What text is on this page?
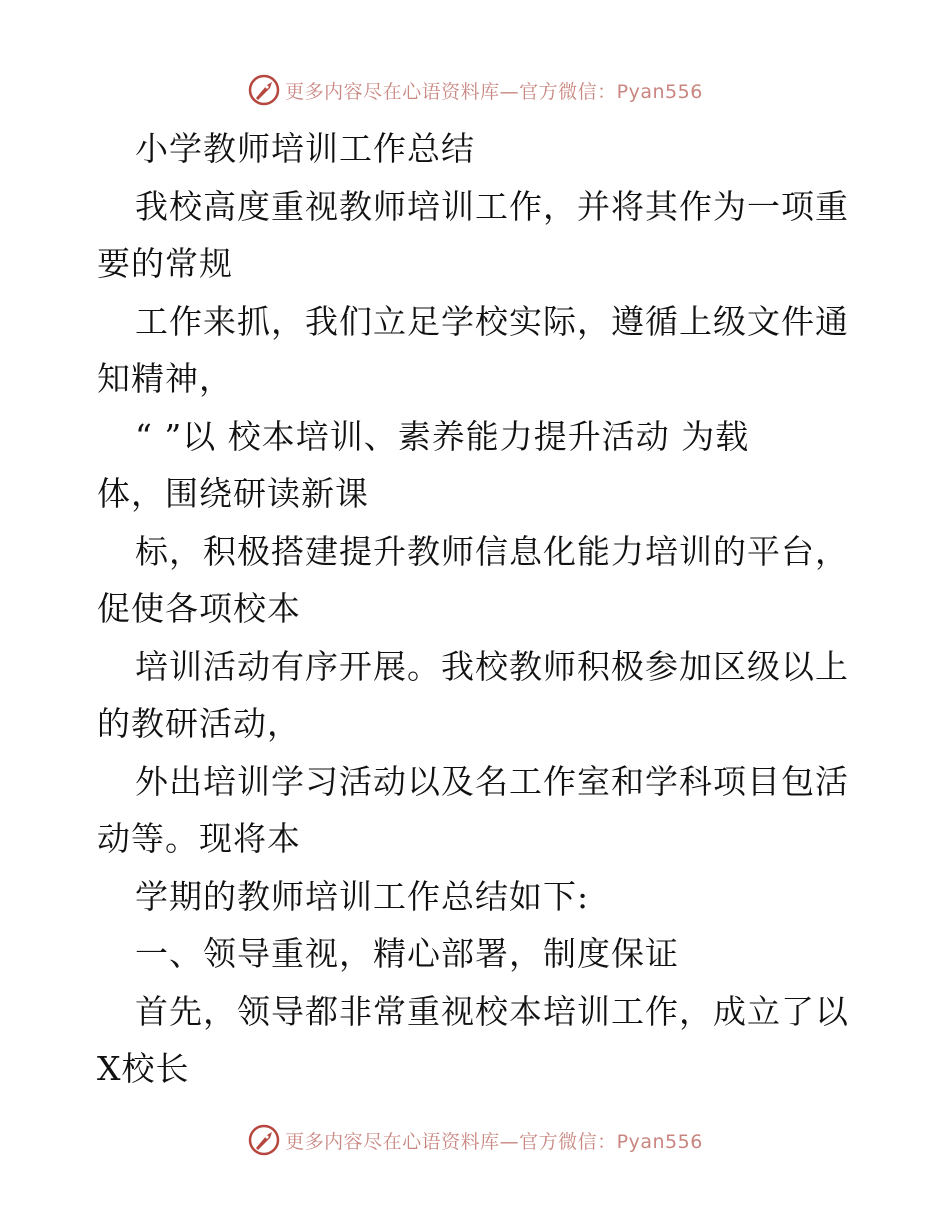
更多内容尽在心语资料库—官方微信：Pyan556
小学教师培训工作总结
我校高度重视教师培训工作，并将其作为一项重
要的常规
工作来抓，我们立足学校实际，遵循上级文件通
知精神，
“ ”以 校本培训、素养能力提升活动 为载
体，围绕研读新课
标，积极搭建提升教师信息化能力培训的平台，
促使各项校本
培训活动有序开展。我校教师积极参加区级以上
的教研活动，
外出培训学习活动以及名工作室和学科项目包活
动等。现将本
学期的教师培训工作总结如下:
一、领导重视，精心部署，制度保证
首先，领导都非常重视校本培训工作，成立了以
X校长
更多内容尽在心语资料库—官方微信：Pyan556
